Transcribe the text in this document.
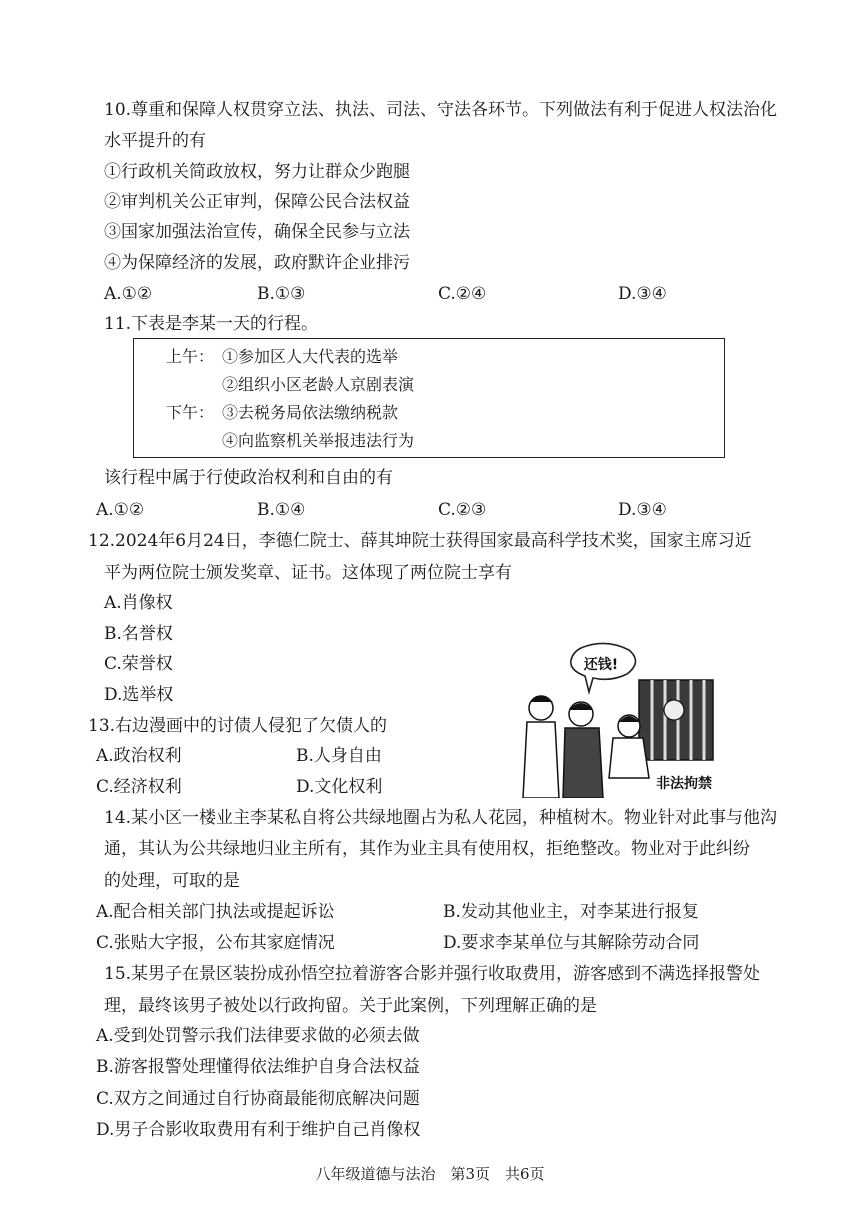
10.尊重和保障人权贯穿立法、执法、司法、守法各环节。下列做法有利于促进人权法治化
水平提升的有
①行政机关简政放权，努力让群众少跑腿
②审判机关公正审判，保障公民合法权益
③国家加强法治宣传，确保全民参与立法
④为保障经济的发展，政府默许企业排污
A.①②	B.①③	C.②④	D.③④
11.下表是李某一天的行程。
上午： ①参加区人大代表的选举
②组织小区老龄人京剧表演
下午： ③去税务局依法缴纳税款
④向监察机关举报违法行为
该行程中属于行使政治权利和自由的有
A.①②	B.①④	C.②③	D.③④
12.2024年6月24日，李德仁院士、薛其坤院士获得国家最高科学技术奖，国家主席习近
平为两位院士颁发奖章、证书。这体现了两位院士享有
A.肖像权
B.名誉权
C.荣誉权
D.选举权
13.右边漫画中的讨债人侵犯了欠债人的
A.政治权利	B.人身自由
C.经济权利	D.文化权利
还钱!
非法拘禁
14.某小区一楼业主李某私自将公共绿地圈占为私人花园，种植树木。物业针对此事与他沟
通，其认为公共绿地归业主所有，其作为业主具有使用权，拒绝整改。物业对于此纠纷
的处理，可取的是
A.配合相关部门执法或提起诉讼	B.发动其他业主，对李某进行报复
C.张贴大字报，公布其家庭情况	D.要求李某单位与其解除劳动合同
15.某男子在景区装扮成孙悟空拉着游客合影并强行收取费用，游客感到不满选择报警处
理，最终该男子被处以行政拘留。关于此案例，下列理解正确的是
A.受到处罚警示我们法律要求做的必须去做
B.游客报警处理懂得依法维护自身合法权益
C.双方之间通过自行协商最能彻底解决问题
D.男子合影收取费用有利于维护自己肖像权
八年级道德与法治　第3页　共6页
